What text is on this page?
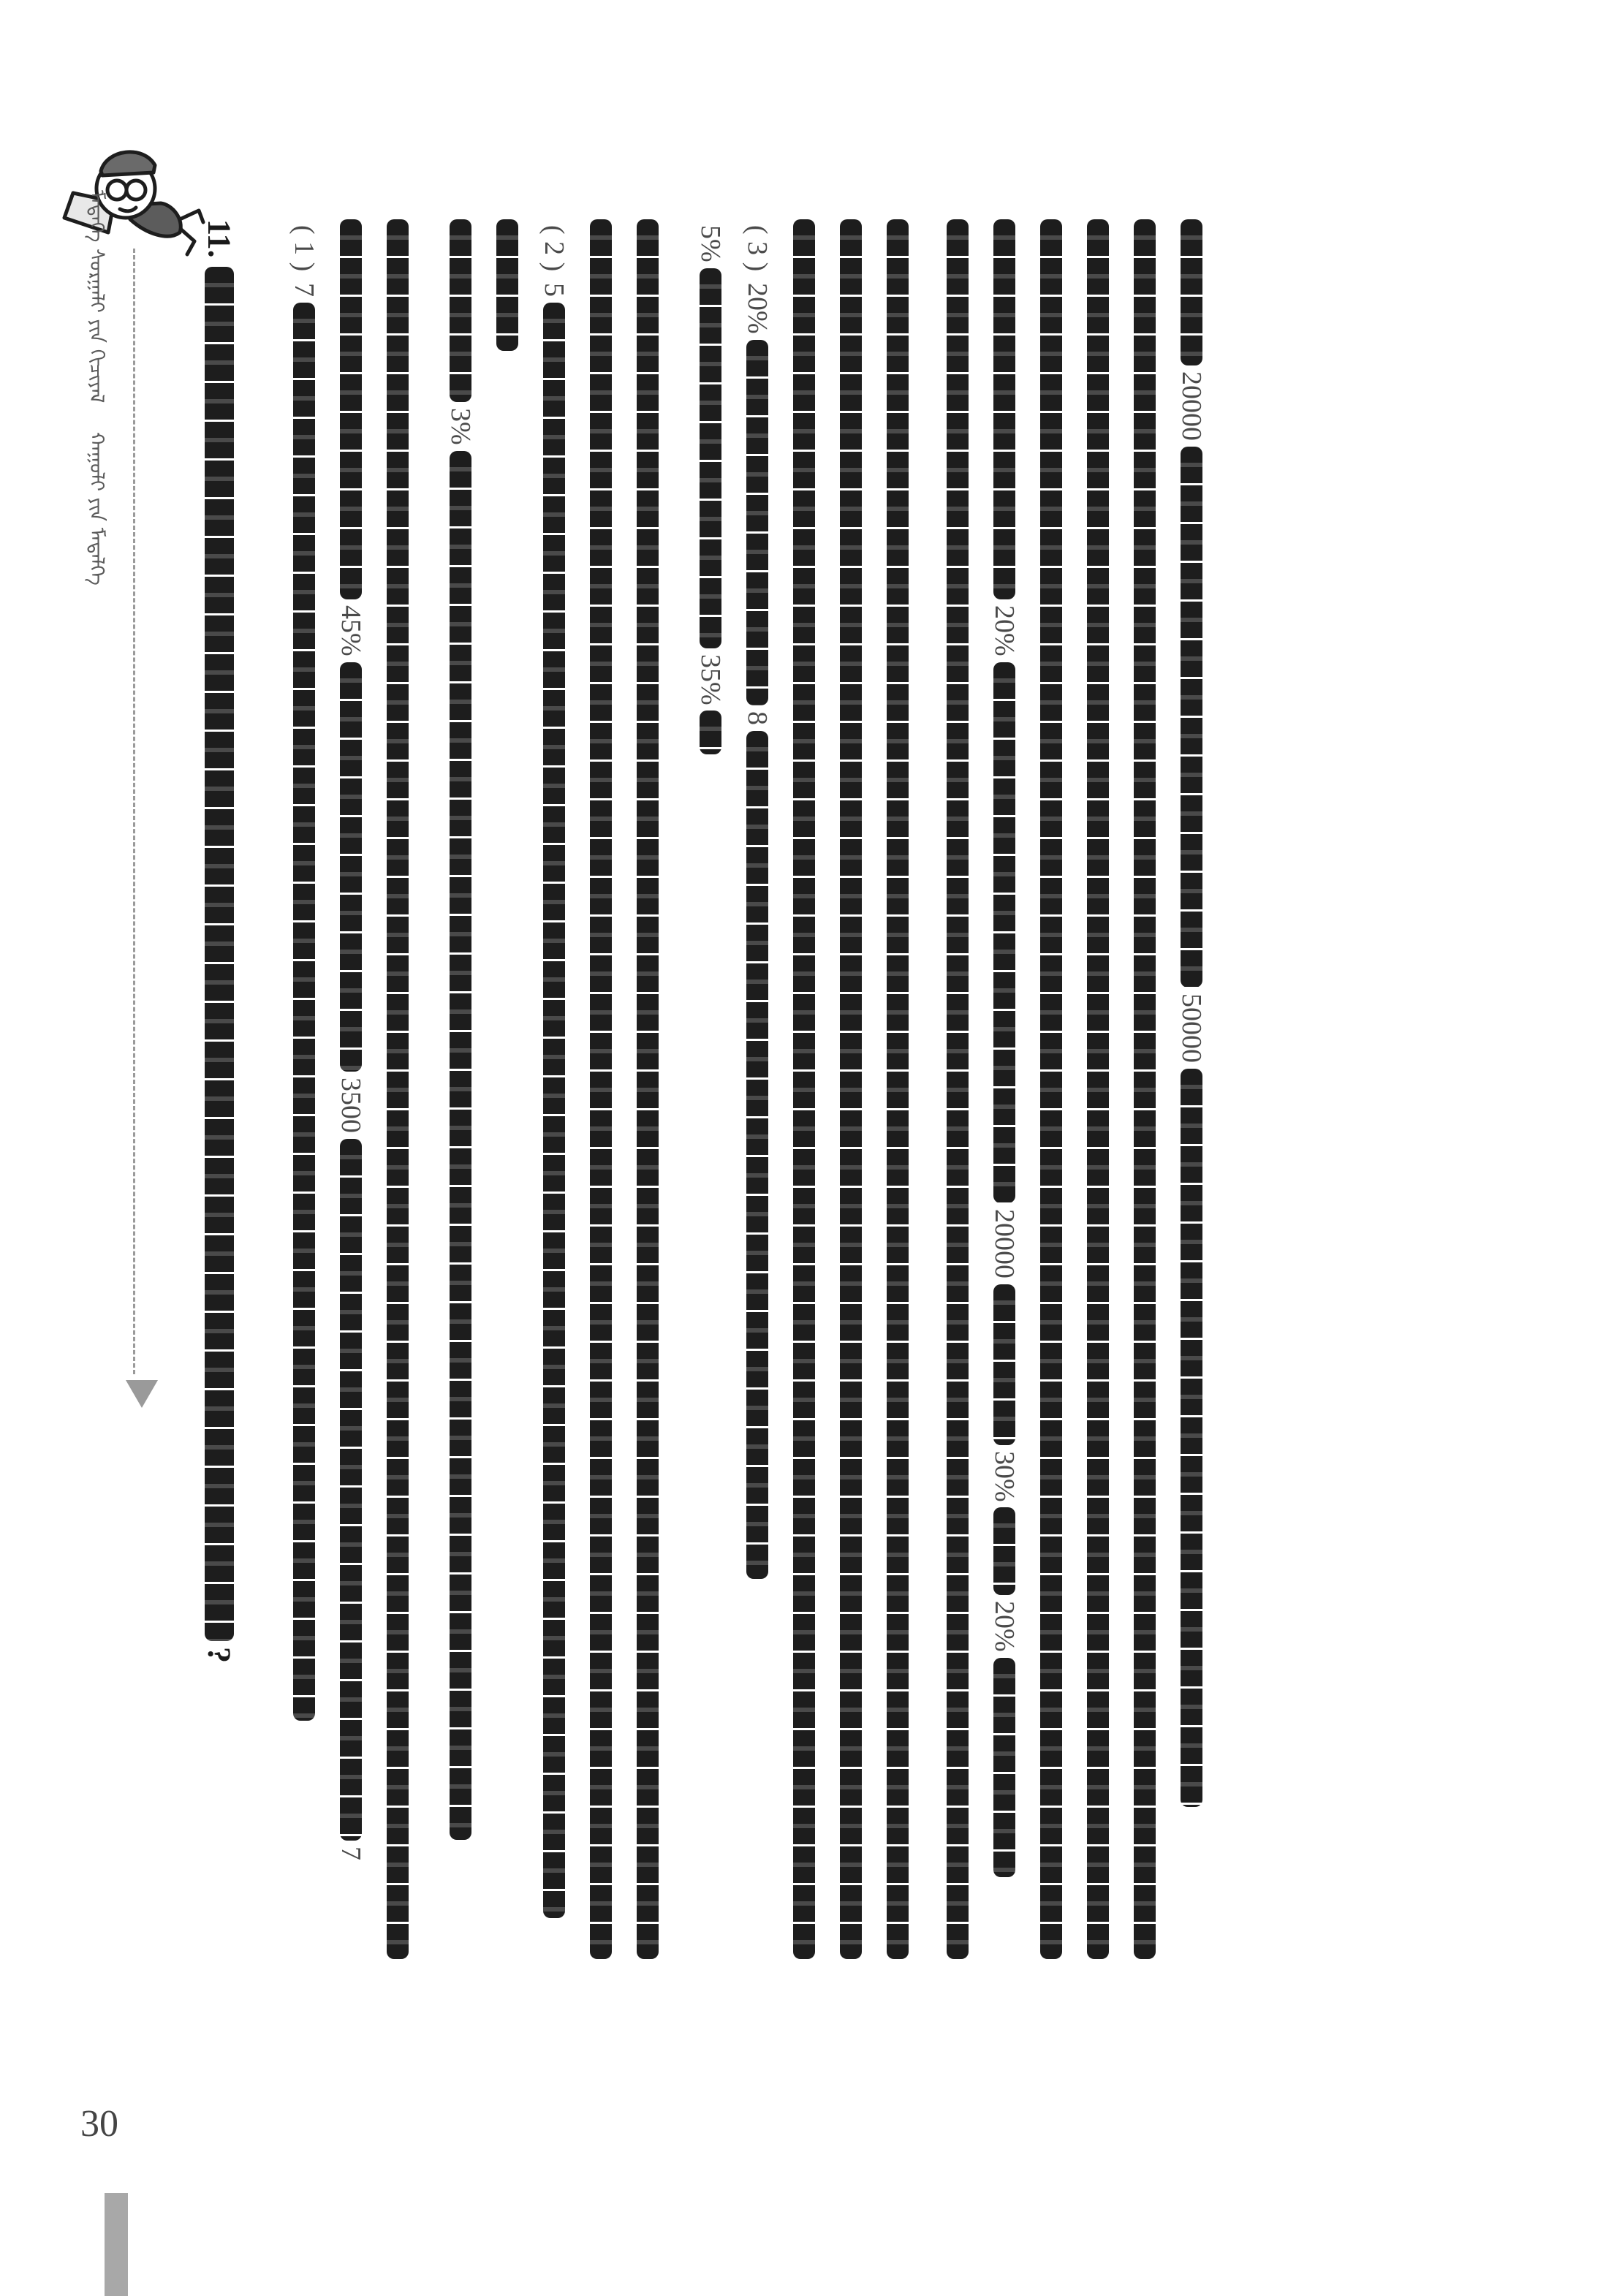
ᠮᠡᠳᠡᠭᠡ ᠰᠤᠷᠭᠠᠯᠢ ᠶᠢᠨ ᠬᠢᠴᠢᠶᠡᠯ
ᠬᠠᠭᠤᠯᠢ ᠶᠢᠨ ᠮᠡᠳᠡᠯᠭᠡ
30
11.
?
( 1 )
7
45%
3500
7
3%
( 2 )
5
5%
35%
( 3 )
20%
8
20%
20000
30%
20%
20000
50000
